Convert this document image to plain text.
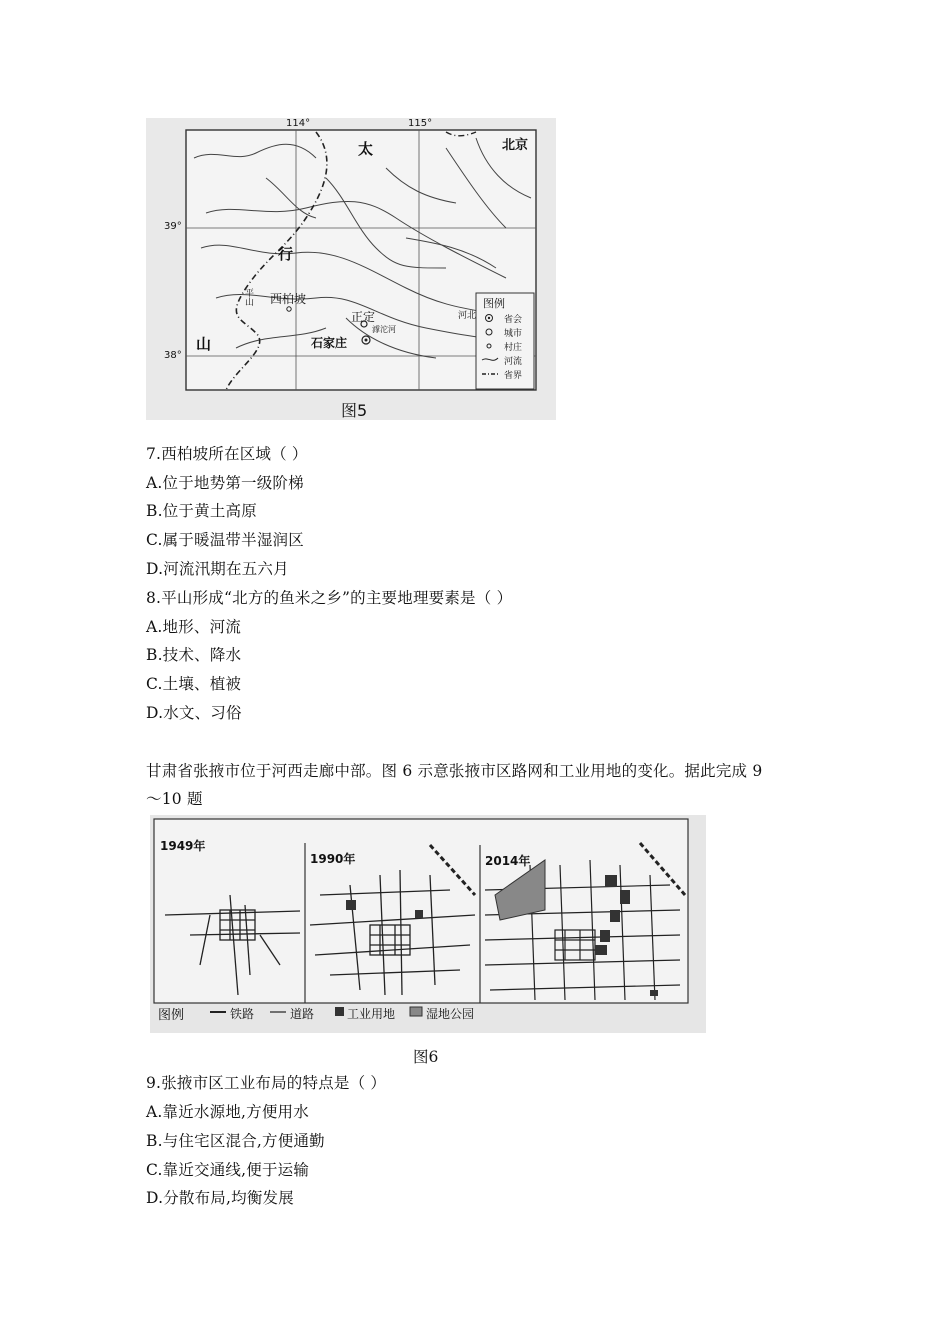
114°	115°
39°
38°
太
行
山
北京
平山 西柏坡
正定
滹沱河
石家庄
河北
图例
省会
城市
村庄
河流
省界
图5
7.西柏坡所在区域（ ）
A.位于地势第一级阶梯
B.位于黄土高原
C.属于暖温带半湿润区
D.河流汛期在五六月
8.平山形成“北方的鱼米之乡”的主要地理要素是（ ）
A.地形、河流
B.技术、降水
C.土壤、植被
D.水文、习俗
甘肃省张掖市位于河西走廊中部。图 6 示意张掖市区路网和工业用地的变化。据此完成 9
～10 题
1949年
1990年	2014年
图例	铁路	道路	工业用地	湿地公园
图6
9.张掖市区工业布局的特点是（ ）
A.靠近水源地,方便用水
B.与住宅区混合,方便通勤
C.靠近交通线,便于运输
D.分散布局,均衡发展
